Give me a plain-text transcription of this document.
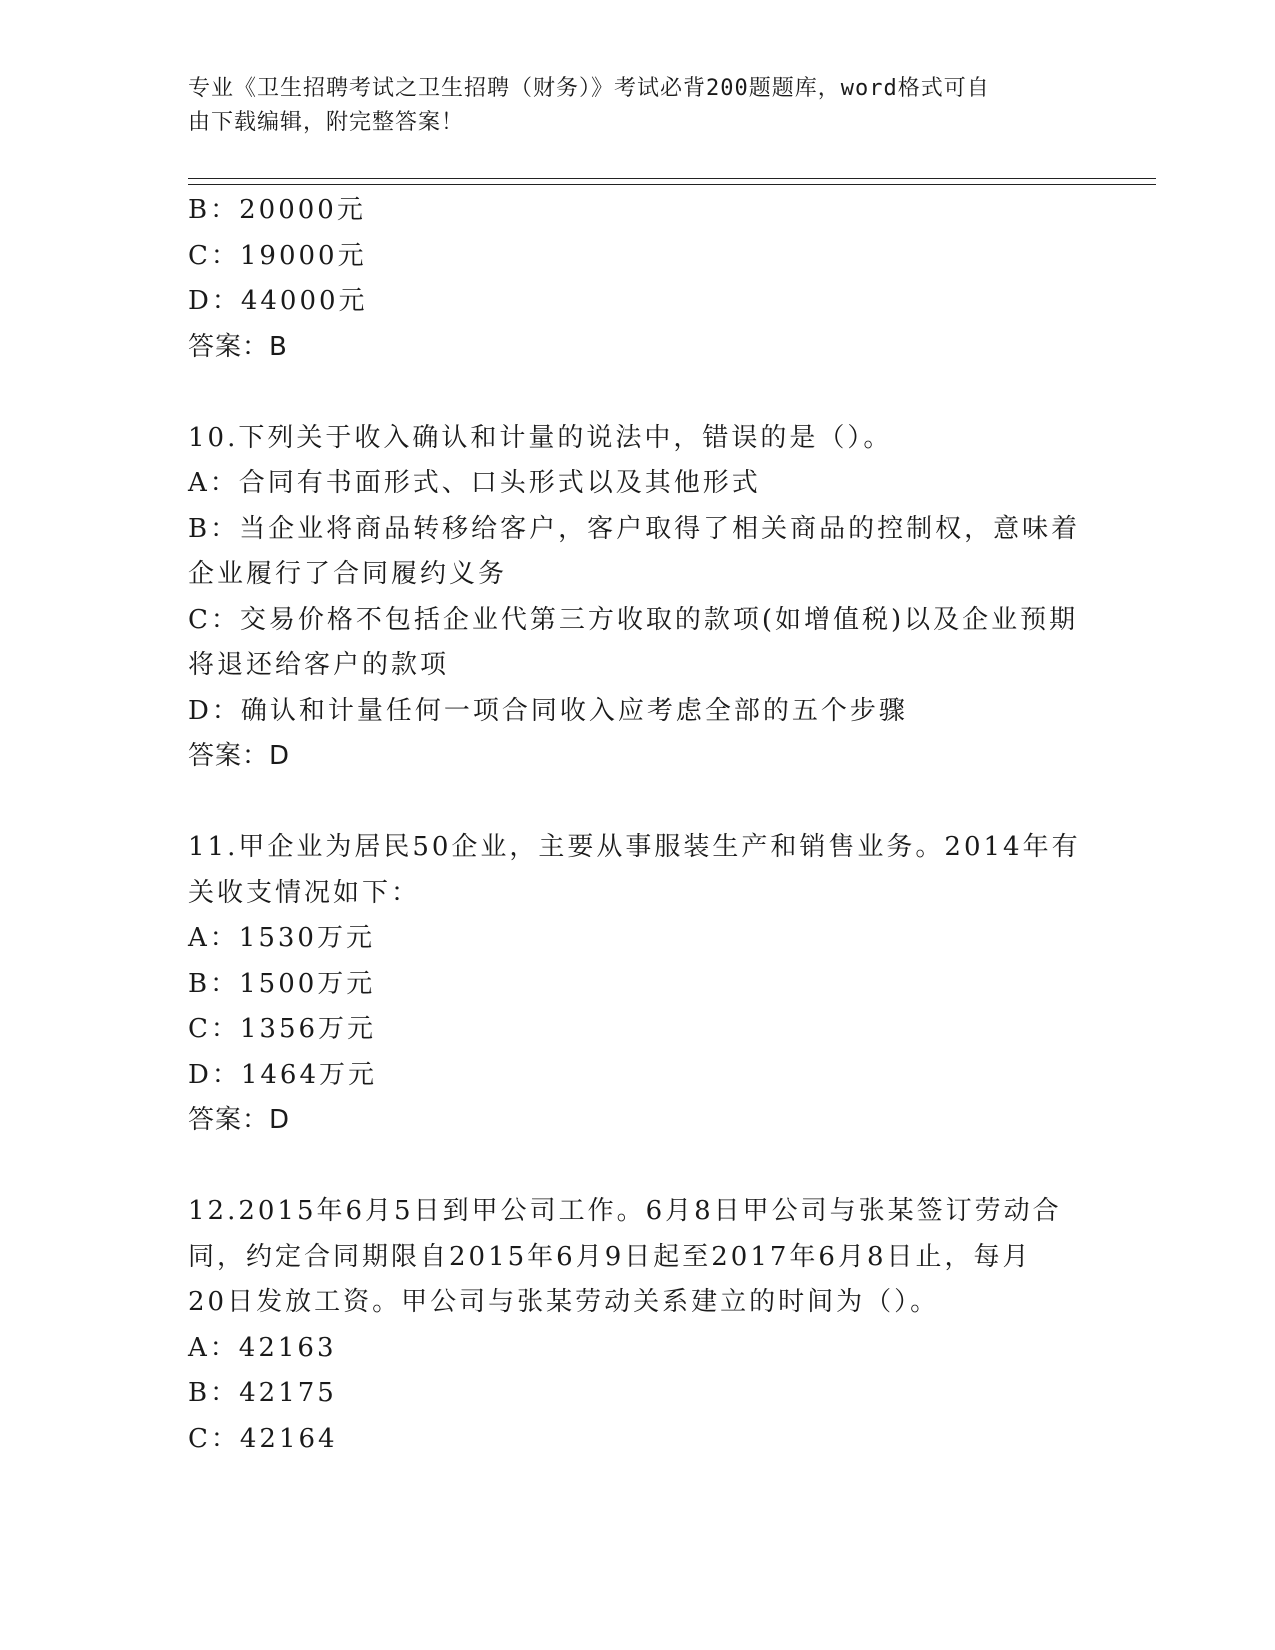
专业《卫生招聘考试之卫生招聘（财务）》考试必背200题题库，word格式可自
由下载编辑，附完整答案！
B：20000元
C：19000元
D：44000元
答案：B
10.下列关于收入确认和计量的说法中，错误的是（）。
A：合同有书面形式、口头形式以及其他形式
B：当企业将商品转移给客户，客户取得了相关商品的控制权，意味着
企业履行了合同履约义务
C：交易价格不包括企业代第三方收取的款项(如增值税)以及企业预期
将退还给客户的款项
D：确认和计量任何一项合同收入应考虑全部的五个步骤
答案：D
11.甲企业为居民50企业，主要从事服装生产和销售业务。2014年有
关收支情况如下：
A：1530万元
B：1500万元
C：1356万元
D：1464万元
答案：D
12.2015年6月5日到甲公司工作。6月8日甲公司与张某签订劳动合
同，约定合同期限自2015年6月9日起至2017年6月8日止，每月
20日发放工资。甲公司与张某劳动关系建立的时间为（）。
A：42163
B：42175
C：42164
